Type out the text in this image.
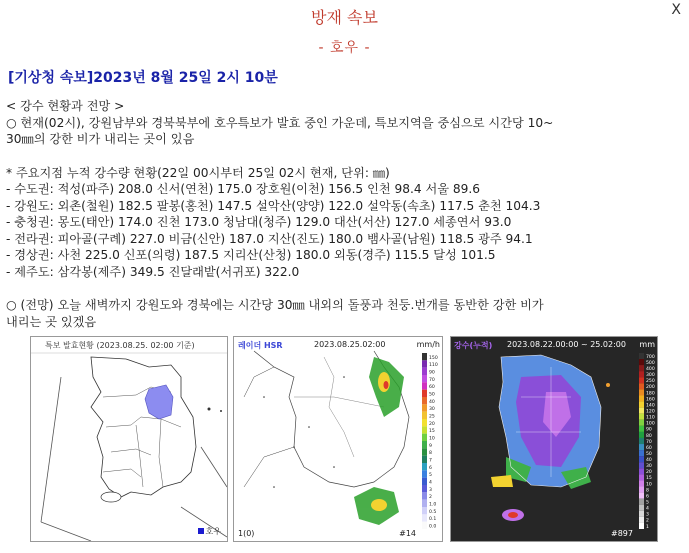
방재 속보
- 호우 -
X
[기상청 속보]2023년 8월 25일 2시 10분
< 강수 현황과 전망 >
○ 현재(02시), 강원남부와 경북북부에 호우특보가 발효 중인 가운데, 특보지역을 중심으로 시간당 10~
30㎜의 강한 비가 내리는 곳이 있음
* 주요지점 누적 강수량 현황(22일 00시부터 25일 02시 현재, 단위: ㎜)
- 수도권: 적성(파주) 208.0 신서(연천) 175.0 장호원(이천) 156.5 인천 98.4 서울 89.6
- 강원도: 외촌(철원) 182.5 팔봉(홍천) 147.5 설악산(양양) 122.0 설악동(속초) 117.5 춘천 104.3
- 충청권: 몽도(태안) 174.0 진천 173.0 청남대(청주) 129.0 대산(서산) 127.0 세종연서 93.0
- 전라권: 피아골(구례) 227.0 비금(신안) 187.0 지산(진도) 180.0 뱀사골(남원) 118.5 광주 94.1
- 경상권: 사천 225.0 신포(의령) 187.5 지리산(산청) 180.0 외동(경주) 115.5 달성 101.5
- 제주도: 삼각봉(제주) 349.5 진달래밭(서귀포) 322.0
○ (전망) 오늘 새벽까지 강원도와 경북에는 시간당 30㎜ 내외의 돌풍과 천둥.번개를 동반한 강한 비가
내리는 곳 있겠음
특보 발효현황 (2023.08.25. 02:00 기준)
호우
레이더 HSR	2023.08.25.02:00	mm/h
150
110
90
70
60
50
40
30
25
20
15
10
9
8
7
6
5
4
3
2
1.0
0.5
0.1
0.0
1(0)	#14
700
500
400
300
250
200
180
160
140
120
110
100
90
80
70
60
50
40
30
20
15
10
8
6
5
4
3
2
1
강수(누적) 2023.08.22.00:00 ~ 25.02:00 mm
#897
